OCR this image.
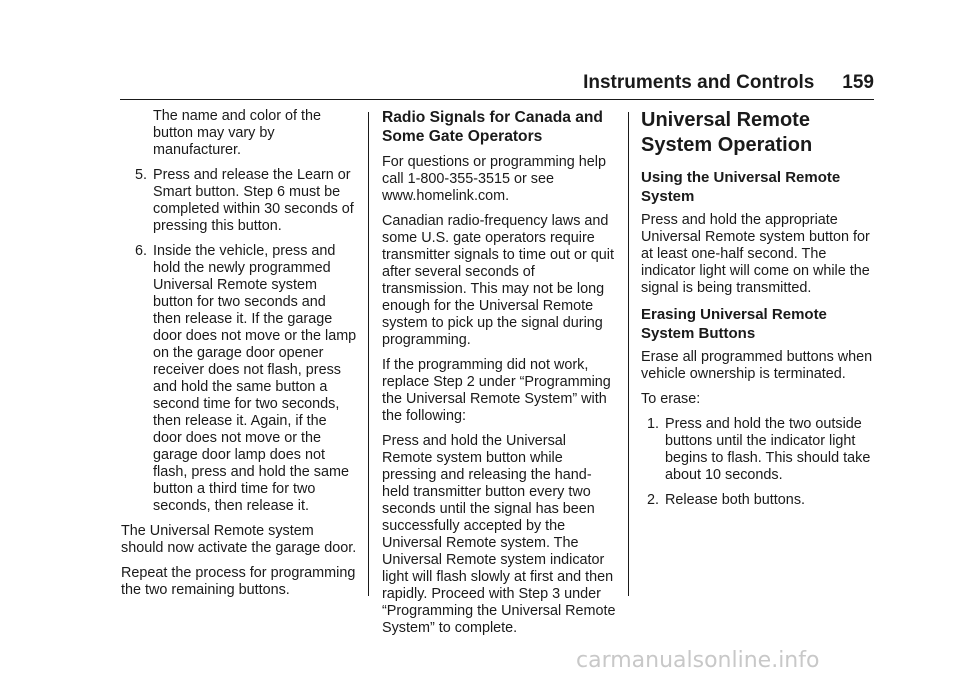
Instruments and Controls 159

The name and color of the button may vary by manufacturer.

5. Press and release the Learn or Smart button. Step 6 must be completed within 30 seconds of pressing this button.
6. Inside the vehicle, press and hold the newly programmed Universal Remote system button for two seconds and then release it. If the garage door does not move or the lamp on the garage door opener receiver does not flash, press and hold the same button a second time for two seconds, then release it. Again, if the door does not move or the garage door lamp does not flash, press and hold the same button a third time for two seconds, then release it.

The Universal Remote system should now activate the garage door.

Repeat the process for programming the two remaining buttons.

Radio Signals for Canada and Some Gate Operators

For questions or programming help call 1-800-355-3515 or see www.homelink.com.

Canadian radio-frequency laws and some U.S. gate operators require transmitter signals to time out or quit after several seconds of transmission. This may not be long enough for the Universal Remote system to pick up the signal during programming.

If the programming did not work, replace Step 2 under “Programming the Universal Remote System” with the following:

Press and hold the Universal Remote system button while pressing and releasing the hand-held transmitter button every two seconds until the signal has been successfully accepted by the Universal Remote system. The Universal Remote system indicator light will flash slowly at first and then rapidly. Proceed with Step 3 under “Programming the Universal Remote System” to complete.

Universal Remote System Operation
Using the Universal Remote System

Press and hold the appropriate Universal Remote system button for at least one-half second. The indicator light will come on while the signal is being transmitted.

Erasing Universal Remote System Buttons

Erase all programmed buttons when vehicle ownership is terminated.

To erase:

1. Press and hold the two outside buttons until the indicator light begins to flash. This should take about 10 seconds.
2. Release both buttons.
carmanualsonline.info
